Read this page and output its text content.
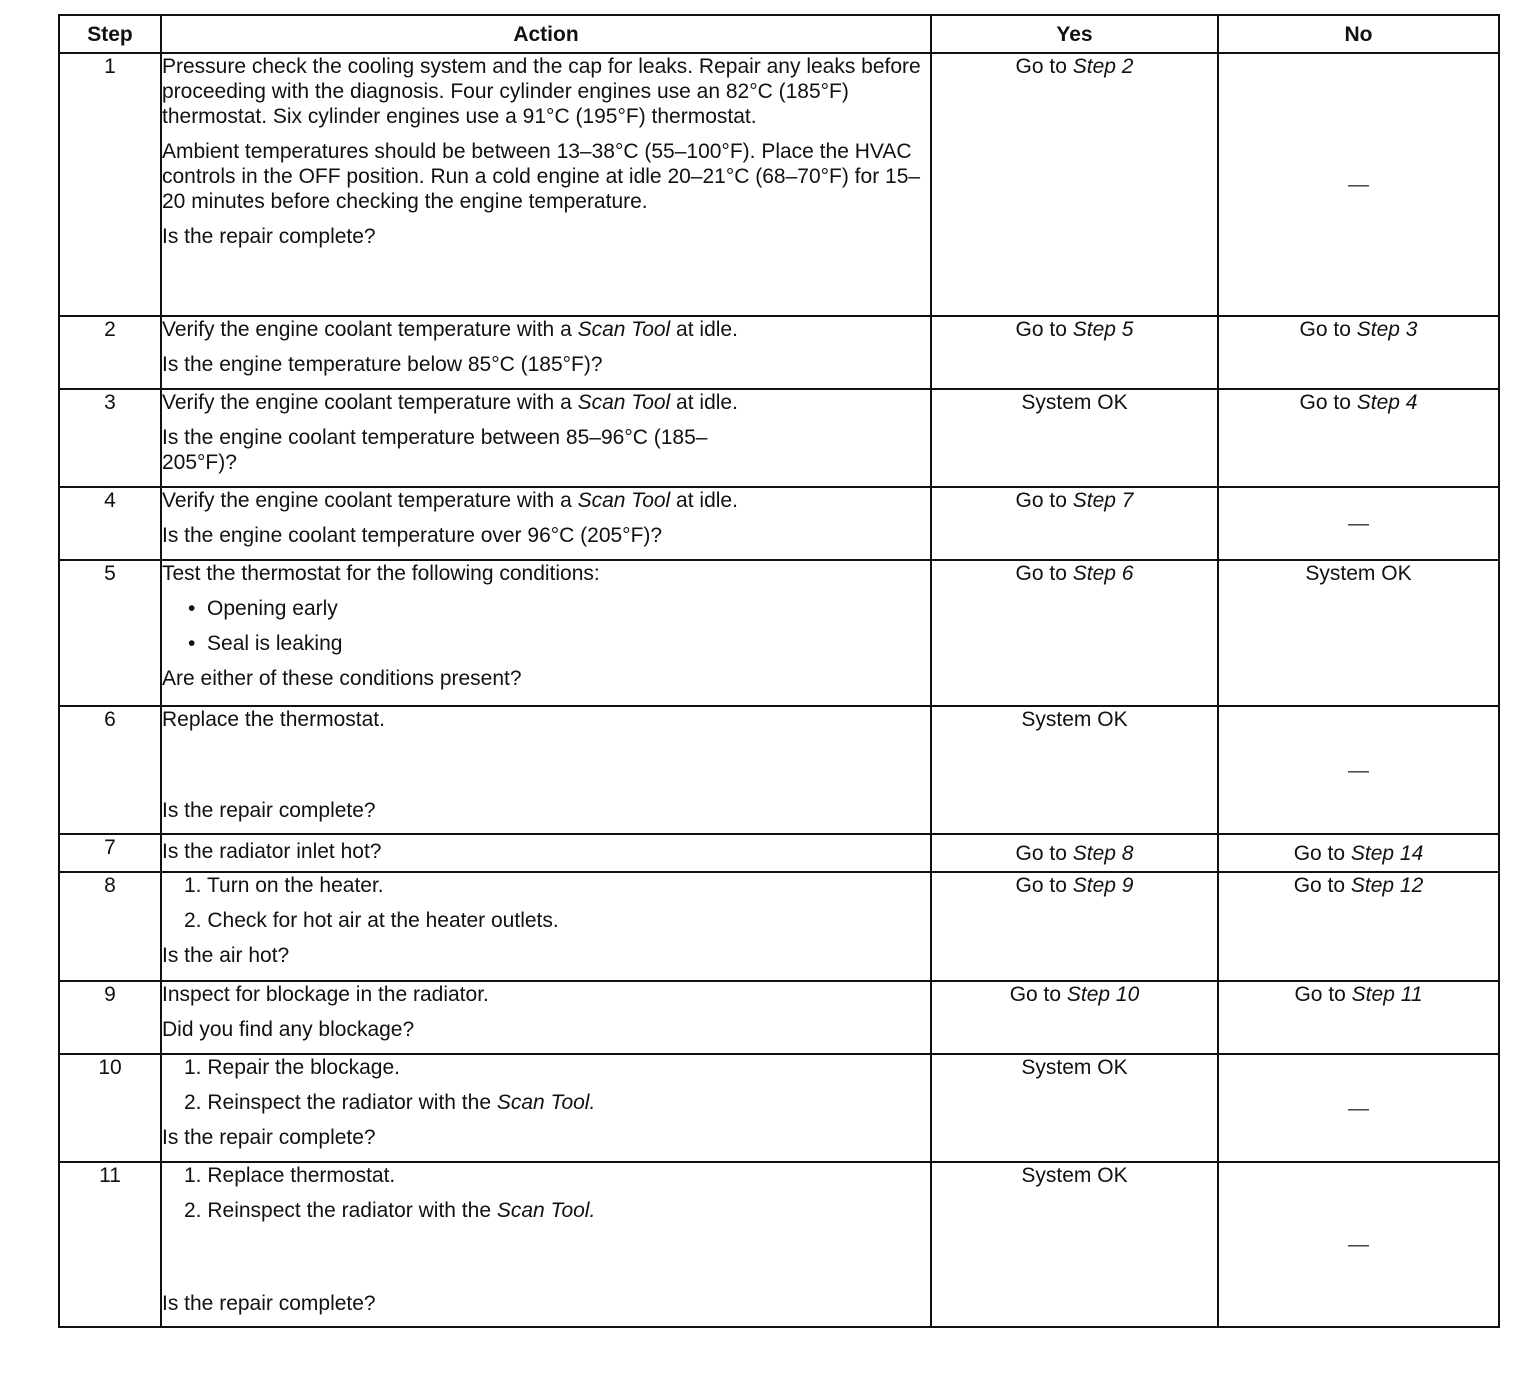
Step	Action	Yes	No
1	Pressure check the cooling system and the cap for leaks. Repair any leaks before proceeding with the diagnosis. Four cylinder engines use an 82°C (185°F) thermostat. Six cylinder engines use a 91°C (195°F) thermostat.

Ambient temperatures should be between 13–38°C (55–100°F). Place the HVAC controls in the OFF position. Run a cold engine at idle 20–21°C (68–70°F) for 15–20 minutes before checking the engine temperature.

Is the repair complete?	Go to Step 2	—
2	Verify the engine coolant temperature with a Scan Tool at idle.

Is the engine temperature below 85°C (185°F)?	Go to Step 5	Go to Step 3
3	Verify the engine coolant temperature with a Scan Tool at idle.

Is the engine coolant temperature between 85–96°C (185–205°F)?	System OK	Go to Step 4
4	Verify the engine coolant temperature with a Scan Tool at idle.

Is the engine coolant temperature over 96°C (205°F)?	Go to Step 7	—
5	Test the thermostat for the following conditions:

•  Opening early

•  Seal is leaking

Are either of these conditions present?	Go to Step 6	System OK
6	Replace the thermostat.

Is the repair complete?	System OK	—
7	Is the radiator inlet hot?	Go to Step 8	Go to Step 14
8	1. Turn on the heater.

2. Check for hot air at the heater outlets.

Is the air hot?	Go to Step 9	Go to Step 12
9	Inspect for blockage in the radiator.

Did you find any blockage?	Go to Step 10	Go to Step 11
10	1. Repair the blockage.

2. Reinspect the radiator with the Scan Tool.

Is the repair complete?	System OK	—
11	1. Replace thermostat.

2. Reinspect the radiator with the Scan Tool.

Is the repair complete?	System OK	—
